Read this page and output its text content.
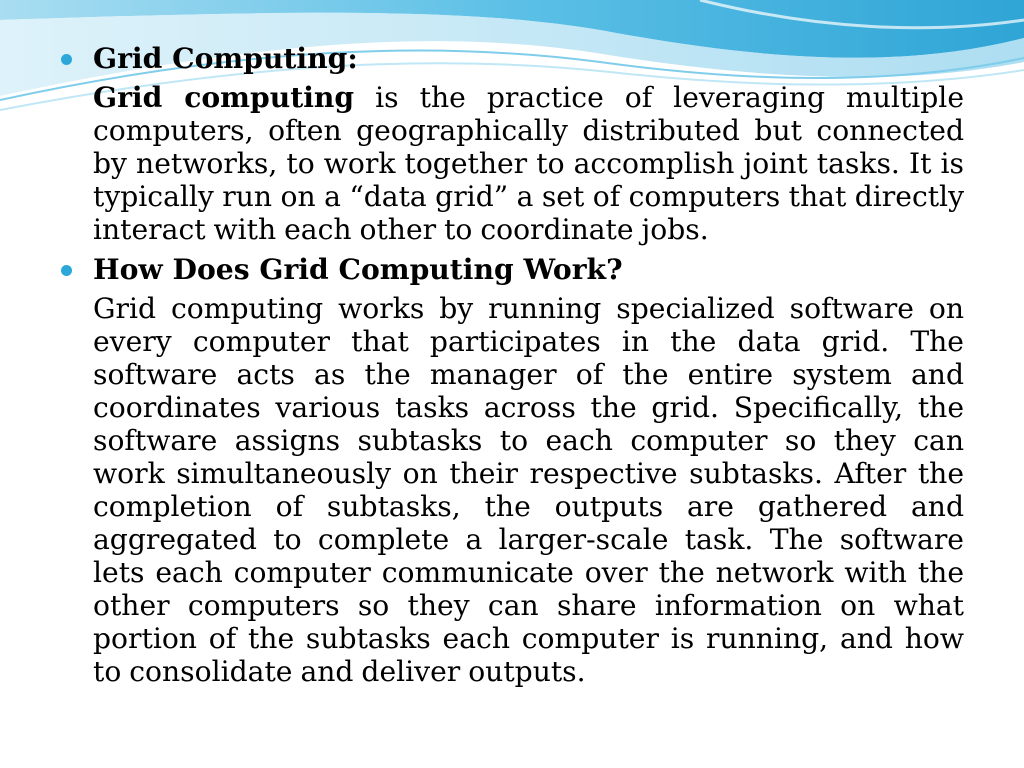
Grid Computing:

Grid computing is the practice of leveraging multiple computers, often geographically distributed but connected by networks, to work together to accomplish joint tasks. It is typically run on a “data grid” a set of computers that directly interact with each other to coordinate jobs.

How Does Grid Computing Work?

Grid computing works by running specialized software on every computer that participates in the data grid. The software acts as the manager of the entire system and coordinates various tasks across the grid. Specifically, the software assigns subtasks to each computer so they can work simultaneously on their respective subtasks. After the completion of subtasks, the outputs are gathered and aggregated to complete a larger-scale task. The software lets each computer communicate over the network with the other computers so they can share information on what portion of the subtasks each computer is running, and how to consolidate and deliver outputs.
